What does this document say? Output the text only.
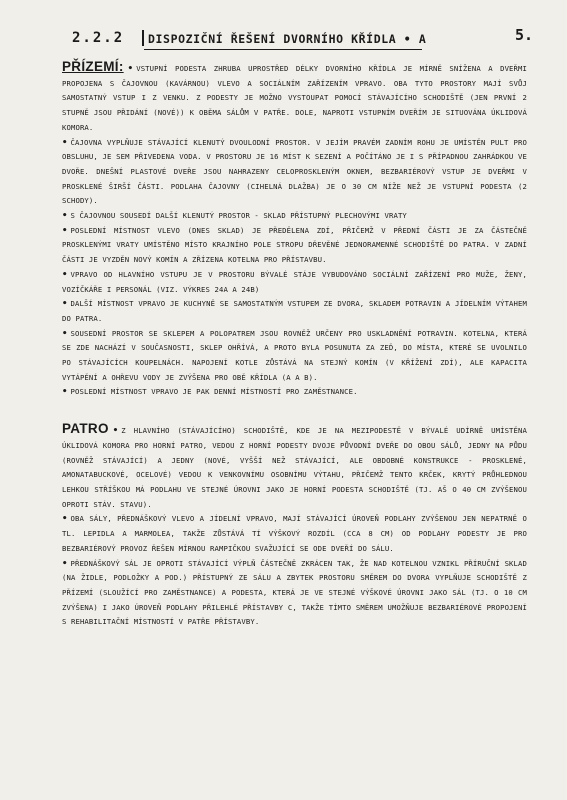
2.2.2	DISPOZIČNÍ ŘEŠENÍ DVORNÍHO KŘÍDLA • A	5.

PŘÍZEMÍ: • VSTUPNÍ PODESTA ZHRUBA UPROSTŘED DÉLKY DVORNÍHO KŘÍDLA JE MÍRNĚ SNÍŽENA A DVEŘMI PROPOJENA S ČAJOVNOU (KAVÁRNOU) VLEVO A SOCIÁLNÍM ZAŘÍZENÍM VPRAVO. OBA TYTO PROSTORY MAJÍ SVŮJ SAMOSTATNÝ VSTUP I Z VENKU. Z PODESTY JE MOŽNO VYSTOUPAT POMOCÍ STÁVAJÍCÍHO SCHODIŠTĚ (JEN PRVNÍ 2 STUPNĚ JSOU PŘIDÁNÍ (NOVÉ)) K OBĚMA SÁLŮM V PATŘE. DOLE, NAPROTI VSTUPNÍM DVEŘÍM JE SITUOVÁNA ÚKLIDOVÁ KOMORA.

• ČAJOVNA VYPLŇUJE STÁVAJÍCÍ KLENUTÝ DVOULODNÍ PROSTOR. V JEJÍM PRAVÉM ZADNÍM ROHU JE UMÍSTĚN PULT PRO OBSLUHU, JE SEM PŘIVEDENA VODA. V PROSTORU JE 16 MÍST K SEZENÍ A POČÍTÁNO JE I S PŘÍPADNOU ZAHRÁDKOU VE DVOŘE. DNEŠNÍ PLASTOVÉ DVEŘE JSOU NAHRAZENY CELOPROSKLENÝM OKNEM, BEZBARIÉROVÝ VSTUP JE DVEŘMI V PROSKLENÉ ŠIRŠÍ ČÁSTI. PODLAHA ČAJOVNY (CIHELNÁ DLAŽBA) JE O 30 CM NÍŽE NEŽ JE VSTUPNÍ PODESTA (2 SCHODY).

• S ČAJOVNOU SOUSEDÍ DALŠÍ KLENUTÝ PROSTOR - SKLAD PŘÍSTUPNÝ PLECHOVÝMI VRATY

• POSLEDNÍ MÍSTNOST VLEVO (DNES SKLAD) JE PŘEDĚLENA ZDÍ, PŘIČEMŽ V PŘEDNÍ ČÁSTI JE ZA ČÁSTEČNĚ PROSKLENÝMI VRATY UMÍSTĚNO MÍSTO KRAJNÍHO POLE STROPU DŘEVĚNÉ JEDNORAMENNÉ SCHODIŠTĚ DO PATRA. V ZADNÍ ČÁSTI JE VYZDĚN NOVÝ KOMÍN A ZŘÍZENA KOTELNA PRO PŘÍSTAVBU.

• VPRAVO OD HLAVNÍHO VSTUPU JE V PROSTORU BÝVALÉ STÁJE VYBUDOVÁNO SOCIÁLNÍ ZAŘÍZENÍ PRO MUŽE, ŽENY, VOZÍČKÁŘE I PERSONÁL (VIZ. VÝKRES 24A A 24B)

• DALŠÍ MÍSTNOST VPRAVO JE KUCHYNĚ SE SAMOSTATNÝM VSTUPEM ZE DVORA, SKLADEM POTRAVIN A JÍDELNÍM VÝTAHEM DO PATRA.

• SOUSEDNÍ PROSTOR SE SKLEPEM A POLOPATREM JSOU RОVNĚŽ URČENY PRO USKLADNĚNÍ POTRAVIN. KOTELNA, KTERÁ SE ZDE NACHÁZÍ V SOUČASNOSTI, SKLEP OHŘÍVÁ, A PROTO BYLA POSUNUTA ZA ZEĎ, DO MÍSTA, KTERÉ SE UVOLNILO PO STÁVAJÍCÍCH KOUPELNÁCH. NAPOJENÍ KOTLE ZŮSTÁVÁ NA STEJNÝ KOMÍN (V KŘÍŽENÍ ZDÍ), ALE KAPACITA VYTÁPĚNÍ A OHŘEVU VODY JE ZVÝŠENA PRO OBĚ KŘÍDLA (A A B).

• POSLEDNÍ MÍSTNOST VPRAVO JE PAK DENNÍ MÍSTNOSTÍ PRO ZAMĚSTNANCE.

PATRO • Z HLAVNÍHO (STÁVAJÍCÍHO) SCHODIŠTĚ, KDE JE NA MEZIPODESTĚ V BÝVALÉ UDÍRNĚ UMÍSTĚNA ÚKLIDOVÁ KOMORA PRO HORNÍ PATRO, VEDOU Z HORNÍ PODESTY DVOJE PŮVODNÍ DVEŘE DO OBOU SÁLŮ, JEDNY NA PŮDU (ROVNĚŽ STÁVAJÍCÍ) A JEDNY (NOVÉ, VYŠŠÍ NEŽ STÁVAJÍCÍ, ALE OBDOBNÉ KONSTRUKCE - PROSKLENÉ, AMONATABUCKOVÉ, OCELOVÉ) VEDOU K VENKOVNÍMU OSOBNÍMU VÝTAHU, PŘIČEMŽ TENTO KRČEK, KRYTÝ PRŮHLEDNOU LEHKOU STŘÍŠKOU MÁ PODLAHU VE STEJNÉ ÚROVNI JAKO JE HORNÍ PODESTA SCHODIŠTĚ (TJ. AŠ O 40 CM ZVÝŠENOU OPROTI STÁV. STAVU).

• OBA SÁLY, PŘEDNÁŠKOVÝ VLEVO A JÍDELNÍ VPRAVO, MAJÍ STÁVAJÍCÍ ÚROVEŇ PODLAHY ZVÝŠENOU JEN NEPATRNĚ O TL. LEPIDLA A MARMOLEA, TAKŽE ZŮSTÁVÁ TÍ VÝŠKOVÝ ROZDÍL (CCA 8 CM) OD PODLAHY PODESTY JE PRO BEZBARIÉROVÝ PROVOZ ŘEŠEN MÍRNOU RAMPIČKOU SVAŽUJÍCÍ SE ODE DVEŘÍ DO SÁLU.

• PŘEDNÁŠKOVÝ SÁL JE OPROTI STÁVAJÍCÍ VÝPLŇ ČÁSTEČNĚ ZKRÁCEN TAK, ŽE NAD KOTELNOU VZNIKL PŘÍRUČNÍ SKLAD (NA ŽIDLE, PODLOŽKY A POD.) PŘÍSTUPNÝ ZE SÁLU A ZBYTEK PROSTORU SMĚREM DO DVORA VYPLŇUJE SCHODIŠTĚ Z PŘÍZEMÍ (SLOUŽÍCÍ PRO ZAMĚSTNANCE) A PODESTA, KTERÁ JE VE STEJNÉ VÝŠKOVÉ ÚROVNI JAKO SÁL (TJ. O 10 CM ZVÝŠENA) I JAKO ÚROVEŇ PODLAHY PŘILEHLÉ PŘÍSTAVBY C, TAKŽE TÍMTO SMĚREM UMOŽŇUJE BEZBARIÉROVÉ PROPOJENÍ S REHABILITAČNÍ MÍSTNOSTÍ V PATŘE PŘÍSTAVBY.
